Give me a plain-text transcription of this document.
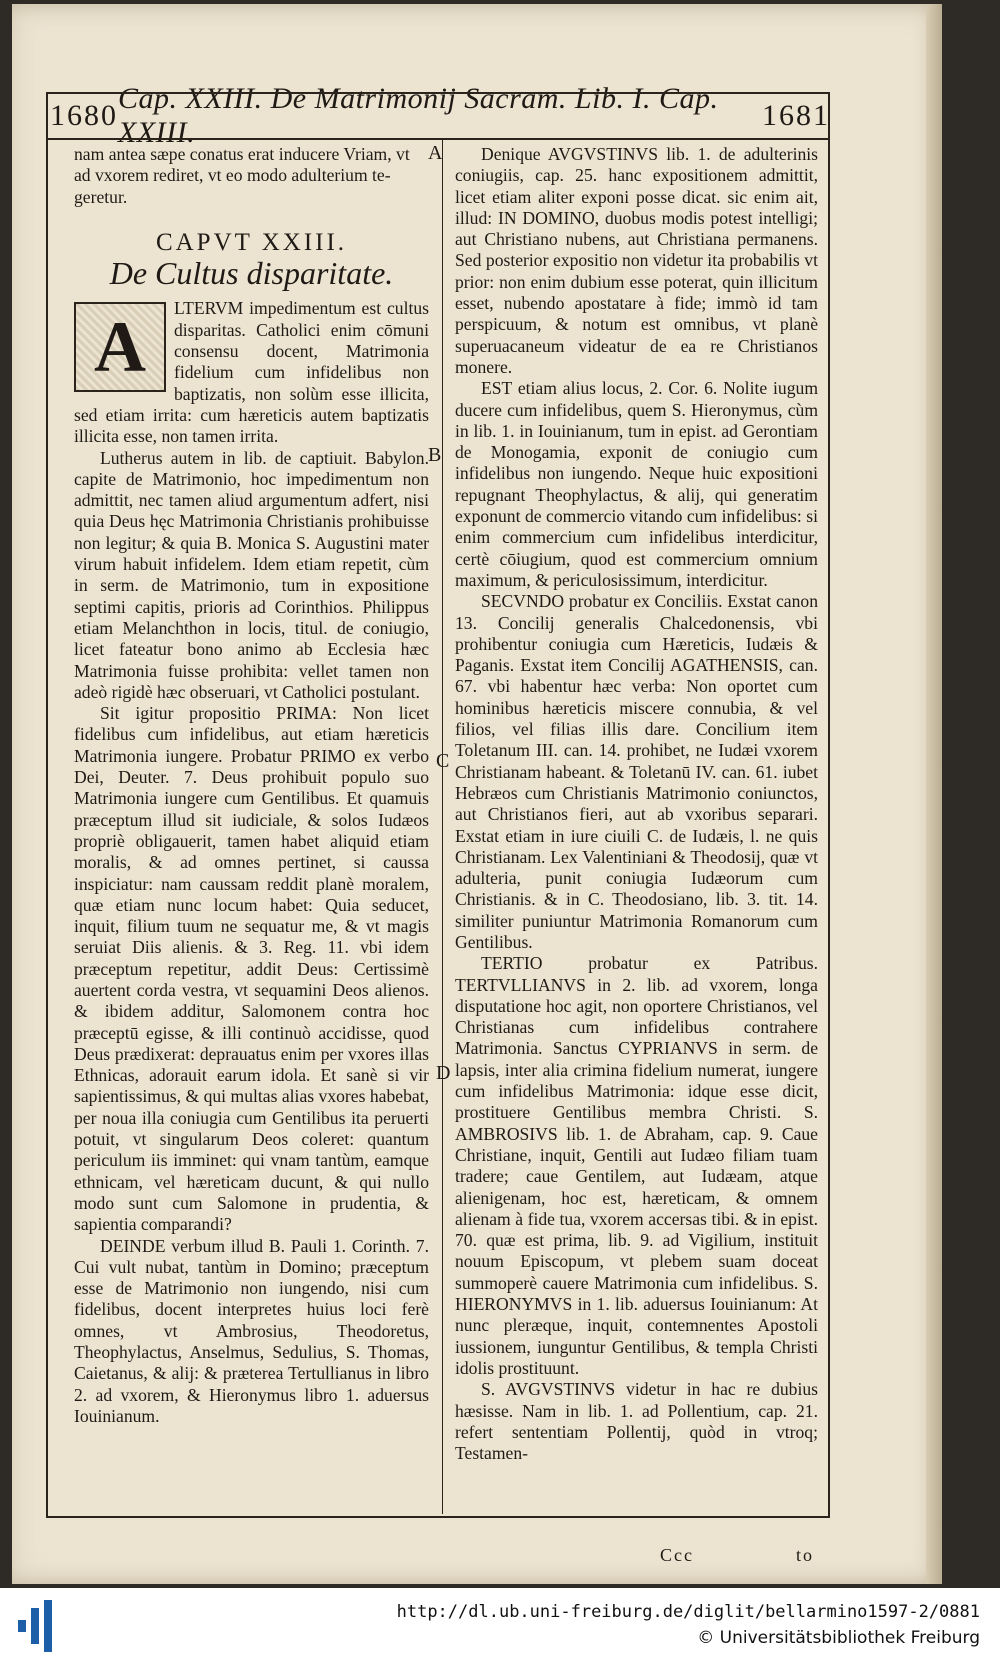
1680
Cap. XXIII. De Matrimonij Sacram. Lib. I. Cap. XXIII.
1681

nam antea sæpe conatus erat inducere Vriam, vt

ad vxorem rediret, vt eo modo adulterium te-

geretur.

CAPVT XXIII.
De Cultus disparitate.
A	LTERVM impedimentum est cultus disparitas. Catholici enim cōmuni consensu docent, Matrimonia fidelium cum infidelibus non baptizatis, non solùm esse illicita, sed etiam irrita: cum hæreticis autem baptizatis illicita esse, non tamen irrita.

Lutherus autem in lib. de captiuit. Babylon. capite de Matrimonio, hoc impedimentum non admittit, nec tamen aliud argumentum adfert, nisi quia Deus hęc Matrimonia Christianis prohibuisse non legitur; & quia B. Monica S. Augustini mater virum habuit infidelem. Idem etiam repetit, cùm in serm. de Matrimonio, tum in expositione septimi capitis, prioris ad Corinthios. Philippus etiam Melanchthon in locis, titul. de coniugio, licet fateatur bono animo ab Ecclesia hæc Matrimonia fuisse prohibita: vellet tamen non adeò rigidè hæc obseruari, vt Catholici postulant.

Sit igitur propositio PRIMA: Non licet fidelibus cum infidelibus, aut etiam hæreticis Matrimonia iungere. Probatur PRIMO ex verbo Dei, Deuter. 7. Deus prohibuit populo suo Matrimonia iungere cum Gentilibus. Et quamuis præceptum illud sit iudiciale, & solos Iudæos propriè obligauerit, tamen habet aliquid etiam moralis, & ad omnes pertinet, si caussa inspiciatur: nam caussam reddit planè moralem, quæ etiam nunc locum habet: Quia seducet, inquit, filium tuum ne sequatur me, & vt magis seruiat Diis alienis. & 3. Reg. 11. vbi idem præceptum repetitur, addit Deus: Certissimè auertent corda vestra, vt sequamini Deos alienos. & ibidem additur, Salomonem contra hoc præceptū egisse, & illi continuò accidisse, quod Deus prædixerat: deprauatus enim per vxores illas Ethnicas, adorauit earum idola. Et sanè si vir sapientissimus, & qui multas alias vxores habebat, per noua illa coniugia cum Gentilibus ita peruerti potuit, vt singularum Deos coleret: quantum periculum iis imminet: qui vnam tantùm, eamque ethnicam, vel hæreticam ducunt, & qui nullo modo sunt cum Salomone in prudentia, & sapientia comparandi?

DEINDE verbum illud B. Pauli 1. Corinth. 7. Cui vult nubat, tantùm in Domino; præceptum esse de Matrimonio non iungendo, nisi cum fidelibus, docent interpretes huius loci ferè omnes, vt Ambrosius, Theodoretus, Theophylactus, Anselmus, Sedulius, S. Thomas, Caietanus, & alij: & præterea Tertullianus in libro 2. ad vxorem, & Hieronymus libro 1. aduersus Iouinianum.

Denique AVGVSTINVS lib. 1. de adulterinis coniugiis, cap. 25. hanc expositionem admittit, licet etiam aliter exponi posse dicat. sic enim ait, illud: IN DOMINO, duobus modis potest intelligi; aut Christiano nubens, aut Christiana permanens. Sed posterior expositio non videtur ita probabilis vt prior: non enim dubium esse poterat, quin illicitum esset, nubendo apostatare à fide; immò id tam perspicuum, & notum est omnibus, vt planè superuacaneum videatur de ea re Christianos monere.

EST etiam alius locus, 2. Cor. 6. Nolite iugum ducere cum infidelibus, quem S. Hieronymus, cùm in lib. 1. in Iouinianum, tum in epist. ad Gerontiam de Monogamia, exponit de coniugio cum infidelibus non iungendo. Neque huic expositioni repugnant Theophylactus, & alij, qui generatim exponunt de commercio vitando cum infidelibus: si enim commercium cum infidelibus interdicitur, certè cōiugium, quod est commercium omnium maximum, & periculosissimum, interdicitur.

SECVNDO probatur ex Conciliis. Exstat canon 13. Concilij generalis Chalcedonensis, vbi prohibentur coniugia cum Hæreticis, Iudæis & Paganis. Exstat item Concilij AGATHENSIS, can. 67. vbi habentur hæc verba: Non oportet cum hominibus hæreticis miscere connubia, & vel filios, vel filias illis dare. Concilium item Toletanum III. can. 14. prohibet, ne Iudæi vxorem Christianam habeant. & Toletanū IV. can. 61. iubet Hebræos cum Christianis Matrimonio coniunctos, aut Christianos fieri, aut ab vxoribus separari. Exstat etiam in iure ciuili C. de Iudæis, l. ne quis Christianam. Lex Valentiniani & Theodosij, quæ vt adulteria, punit coniugia Iudæorum cum Christianis. & in C. Theodosiano, lib. 3. tit. 14. similiter puniuntur Matrimonia Romanorum cum Gentilibus.

TERTIO probatur ex Patribus. TERTVLLIANVS in 2. lib. ad vxorem, longa disputatione hoc agit, non oportere Christianos, vel Christianas cum infidelibus contrahere Matrimonia. Sanctus CYPRIANVS in serm. de lapsis, inter alia crimina fidelium numerat, iungere cum infidelibus Matrimonia: idque esse dicit, prostituere Gentilibus membra Christi. S. AMBROSIVS lib. 1. de Abraham, cap. 9. Caue Christiane, inquit, Gentili aut Iudæo filiam tuam tradere; caue Gentilem, aut Iudæam, atque alienigenam, hoc est, hæreticam, & omnem alienam à fide tua, vxorem accersas tibi. & in epist. 70. quæ est prima, lib. 9. ad Vigilium, instituit nouum Episcopum, vt plebem suam doceat summoperè cauere Matrimonia cum infidelibus. S. HIERONYMVS in 1. lib. aduersus Iouinianum: At nunc pleræque, inquit, contemnentes Apostoli iussionem, iunguntur Gentilibus, & templa Christi idolis prostituunt.

S. AVGVSTINVS videtur in hac re dubius hæsisse. Nam in lib. 1. ad Pollentium, cap. 21. refert sententiam Pollentij, quòd in vtroq; Testamen-

A
B
C
D
Ccc	to
http://dl.ub.uni-freiburg.de/diglit/bellarmino1597-2/0881
© Universitätsbibliothek Freiburg
